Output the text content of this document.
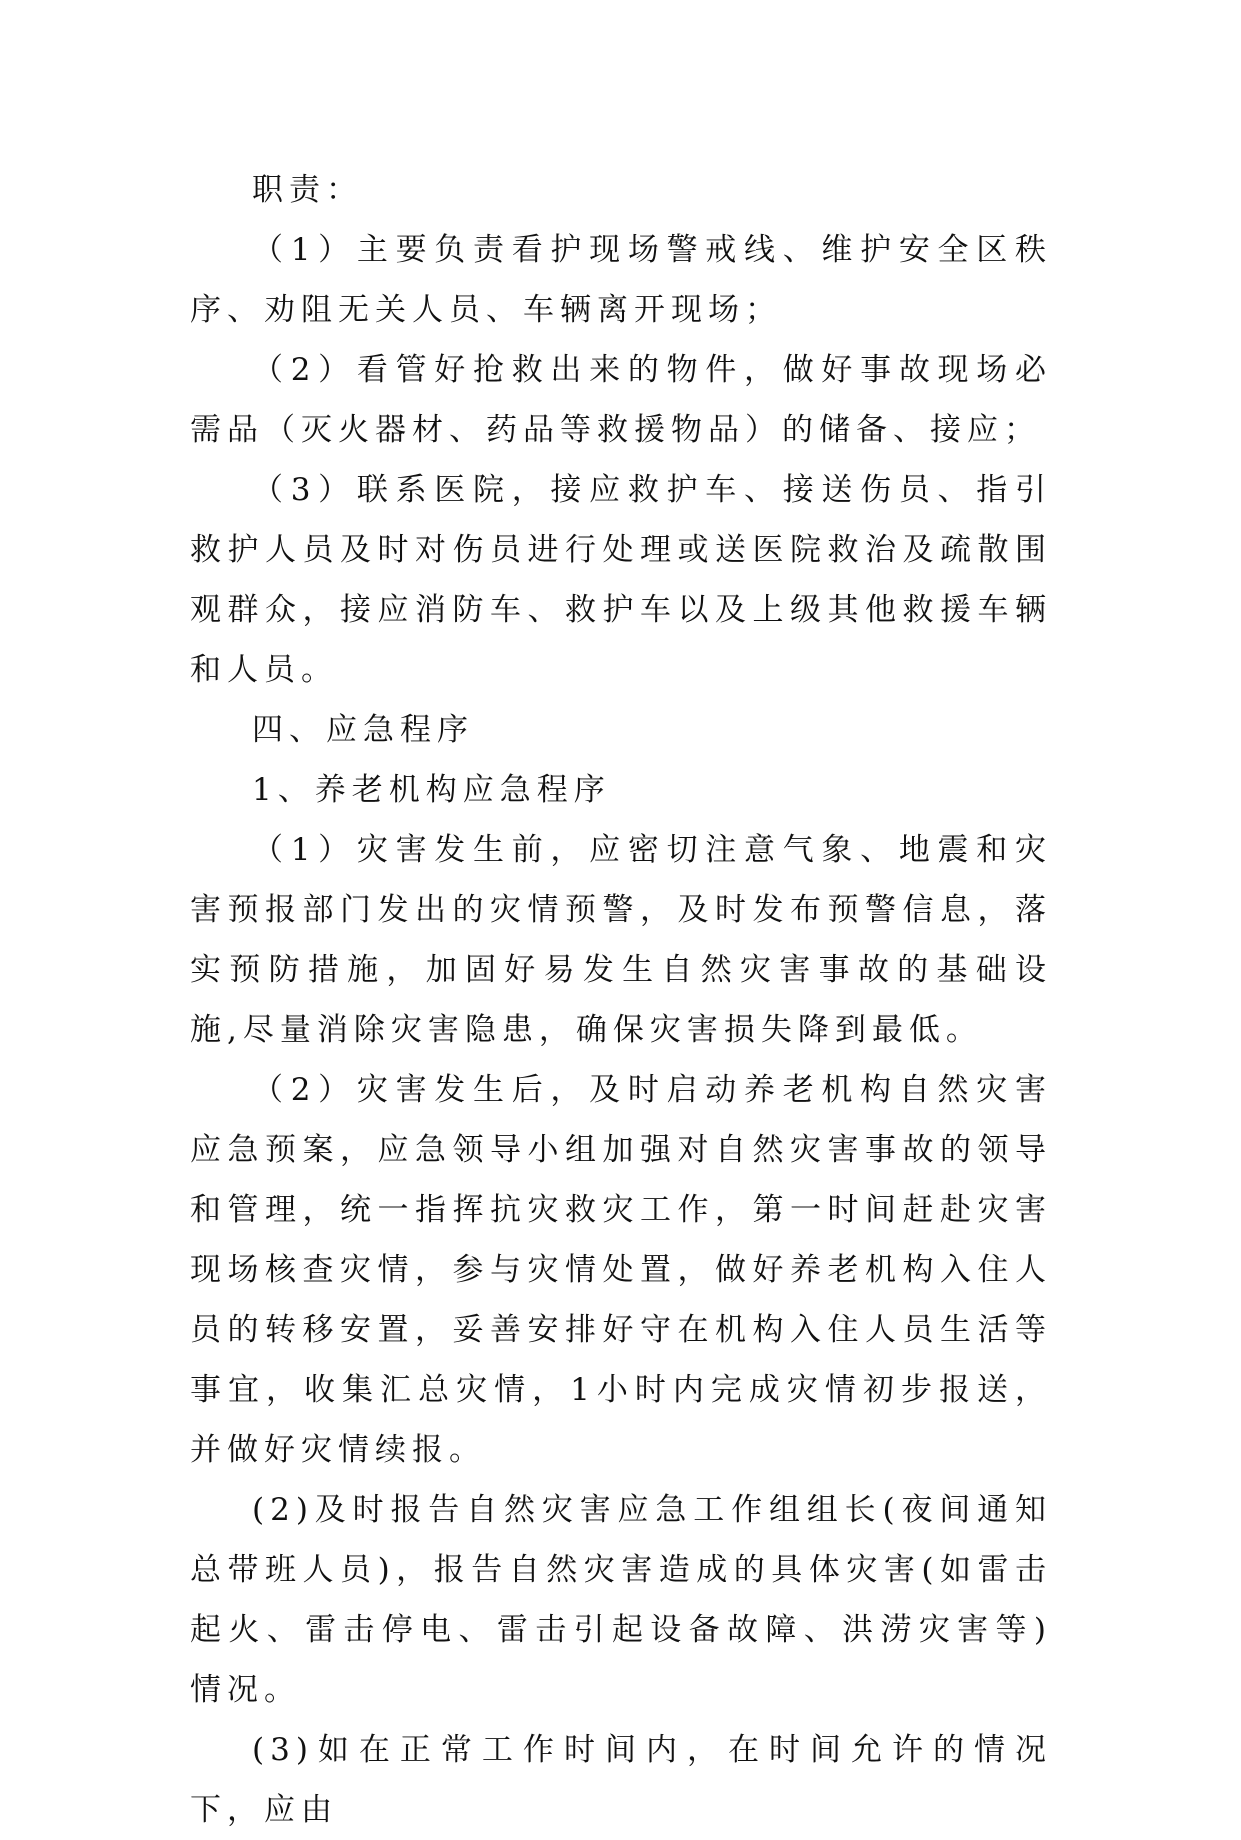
职责：

（1）主要负责看护现场警戒线、维护安全区秩序、劝阻无关人员、车辆离开现场；

（2）看管好抢救出来的物件，做好事故现场必需品（灭火器材、药品等救援物品）的储备、接应；

（3）联系医院，接应救护车、接送伤员、指引救护人员及时对伤员进行处理或送医院救治及疏散围观群众，接应消防车、救护车以及上级其他救援车辆和人员。

四、应急程序

1、养老机构应急程序

（1）灾害发生前，应密切注意气象、地震和灾害预报部门发出的灾情预警，及时发布预警信息，落实预防措施，加固好易发生自然灾害事故的基础设施,尽量消除灾害隐患，确保灾害损失降到最低。

（2）灾害发生后，及时启动养老机构自然灾害应急预案，应急领导小组加强对自然灾害事故的领导和管理，统一指挥抗灾救灾工作，第一时间赶赴灾害现场核查灾情，参与灾情处置，做好养老机构入住人员的转移安置，妥善安排好守在机构入住人员生活等事宜，收集汇总灾情，1小时内完成灾情初步报送，并做好灾情续报。

(2)及时报告自然灾害应急工作组组长(夜间通知总带班人员)，报告自然灾害造成的具体灾害(如雷击起火、雷击停电、雷击引起设备故障、洪涝灾害等)情况。

(3)如在正常工作时间内，在时间允许的情况下，应由
